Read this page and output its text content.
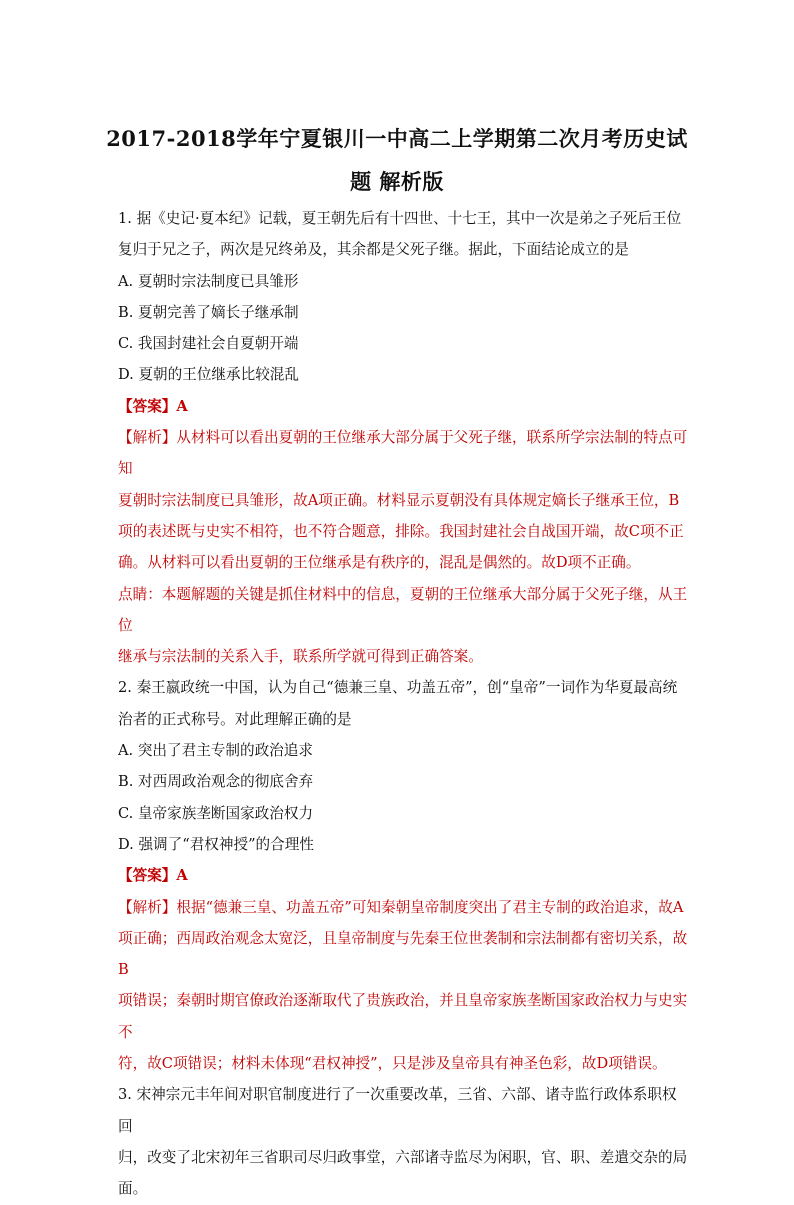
2017-2018学年宁夏银川一中高二上学期第二次月考历史试
题 解析版

1. 据《史记·夏本纪》记载，夏王朝先后有十四世、十七王，其中一次是弟之子死后王位

复归于兄之子，两次是兄终弟及，其余都是父死子继。据此，下面结论成立的是

A. 夏朝时宗法制度已具雏形

B. 夏朝完善了嫡长子继承制

C. 我国封建社会自夏朝开端

D. 夏朝的王位继承比较混乱

【答案】A

【解析】从材料可以看出夏朝的王位继承大部分属于父死子继，联系所学宗法制的特点可知

夏朝时宗法制度已具雏形，故A项正确。材料显示夏朝没有具体规定嫡长子继承王位，B

项的表述既与史实不相符，也不符合题意，排除。我国封建社会自战国开端，故C项不正

确。从材料可以看出夏朝的王位继承是有秩序的，混乱是偶然的。故D项不正确。

点睛：本题解题的关键是抓住材料中的信息，夏朝的王位继承大部分属于父死子继，从王位

继承与宗法制的关系入手，联系所学就可得到正确答案。

2. 秦王嬴政统一中国，认为自己“德兼三皇、功盖五帝”，创“皇帝”一词作为华夏最高统

治者的正式称号。对此理解正确的是

A. 突出了君主专制的政治追求

B. 对西周政治观念的彻底舍弃

C. 皇帝家族垄断国家政治权力

D. 强调了“君权神授”的合理性

【答案】A

【解析】根据“德兼三皇、功盖五帝”可知秦朝皇帝制度突出了君主专制的政治追求，故A

项正确；西周政治观念太宽泛，且皇帝制度与先秦王位世袭制和宗法制都有密切关系，故B

项错误；秦朝时期官僚政治逐渐取代了贵族政治，并且皇帝家族垄断国家政治权力与史实不

符，故C项错误；材料未体现“君权神授”，只是涉及皇帝具有神圣色彩，故D项错误。

3. 宋神宗元丰年间对职官制度进行了一次重要改革，三省、六部、诸寺监行政体系职权回

归，改变了北宋初年三省职司尽归政事堂，六部诸寺监尽为闲职，官、职、差遣交杂的局面。
